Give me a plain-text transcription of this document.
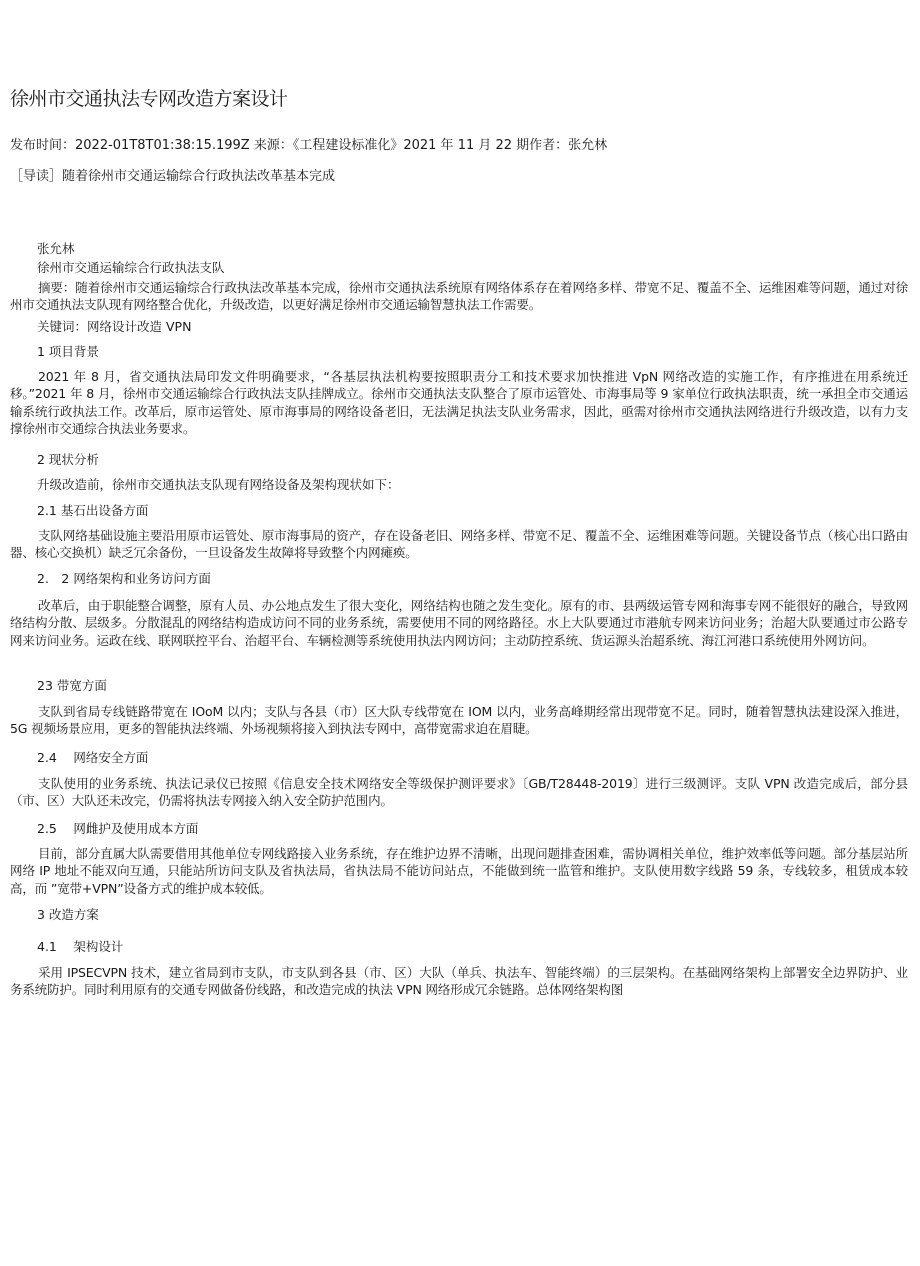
徐州市交通执法专网改造方案设计
发布时间：2022-01T8T01:38:15.199Z 来源：《工程建设标准化》2021 年 11 月 22 期作者：张允林
［导读］随着徐州市交通运输综合行政执法改革基本完成
张允林
徐州市交通运输综合行政执法支队
摘要：随着徐州市交通运输综合行政执法改革基本完成，徐州市交通执法系统原有网络体系存在着网络多样、带宽不足、覆盖不全、运维困难等问题，通过对徐州市交通执法支队现有网络整合优化，升级改造，以更好满足徐州市交通运输智慧执法工作需要。
关键词：网络设计改造 VPN
1 项目背景
2021 年 8 月，省交通执法局印发文件明确要求，“各基层执法机构要按照职责分工和技术要求加快推进 VpN 网络改造的实施工作，有序推进在用系统迁移。”2021 年 8 月，徐州市交通运输综合行政执法支队挂牌成立。徐州市交通执法支队整合了原市运管处、市海事局等 9 家单位行政执法职责，统一承担全市交通运输系统行政执法工作。改革后，原市运管处、原市海事局的网络设备老旧，无法满足执法支队业务需求，因此，亟需对徐州市交通执法网络进行升级改造，以有力支撑徐州市交通综合执法业务要求。
2 现状分析
升级改造前，徐州市交通执法支队现有网络设备及架构现状如下：
2.1 基石出设备方面
支队网络基础设施主要沿用原市运管处、原市海事局的资产，存在设备老旧、网络多样、带宽不足、覆盖不全、运维困难等问题。关键设备节点（核心出口路由器、核心交换机）缺乏冗余备份，一旦设备发生故障将导致整个内网瘫痪。
2.　2 网络架构和业务访问方面
改革后，由于职能整合调整，原有人员、办公地点发生了很大变化，网络结构也随之发生变化。原有的市、县两级运管专网和海事专网不能很好的融合，导致网络结构分散、层级多。分散混乱的网络结构造成访问不同的业务系统，需要使用不同的网络路径。水上大队要通过市港航专网来访问业务；治超大队要通过市公路专网来访问业务。运政在线、联网联控平台、治超平台、车辆检测等系统使用执法内网访问；主动防控系统、货运源头治超系统、海江河港口系统使用外网访问。
23 带宽方面
支队到省局专线链路带宽在 IOoM 以内；支队与各县（市）区大队专线带宽在 IOM 以内，业务高峰期经常出现带宽不足。同时，随着智慧执法建设深入推进，5G 视频场景应用，更多的智能执法终端、外场视频将接入到执法专网中，高带宽需求迫在眉睫。
2.4　 网络安全方面
支队使用的业务系统、执法记录仪已按照《信息安全技术网络安全等级保护测评要求》〔GB/T28448-2019〕进行三级测评。支队 VPN 改造完成后，部分县（市、区）大队还未改完，仍需将执法专网接入纳入安全防护范围内。
2.5　 网雌护及使用成本方面
目前，部分直属大队需要借用其他单位专网线路接入业务系统，存在维护边界不清晰，出现问题排查困难，需协调相关单位，维护效率低等问题。部分基层站所网络 IP 地址不能双向互通，只能站所访问支队及省执法局，省执法局不能访问站点，不能做到统一监管和维护。支队使用数字线路 59 条，专线较多，租赁成本较高，而 ”宽带+VPN”设备方式的维护成本较低。
3 改造方案
4.1　 架构设计
采用 IPSECVPN 技术，建立省局到市支队，市支队到各县（市、区）大队（单兵、执法车、智能终端）的三层架构。在基础网络架构上部署安全边界防护、业务系统防护。同时利用原有的交通专网做备份线路，和改造完成的执法 VPN 网络形成冗余链路。总体网络架构图
